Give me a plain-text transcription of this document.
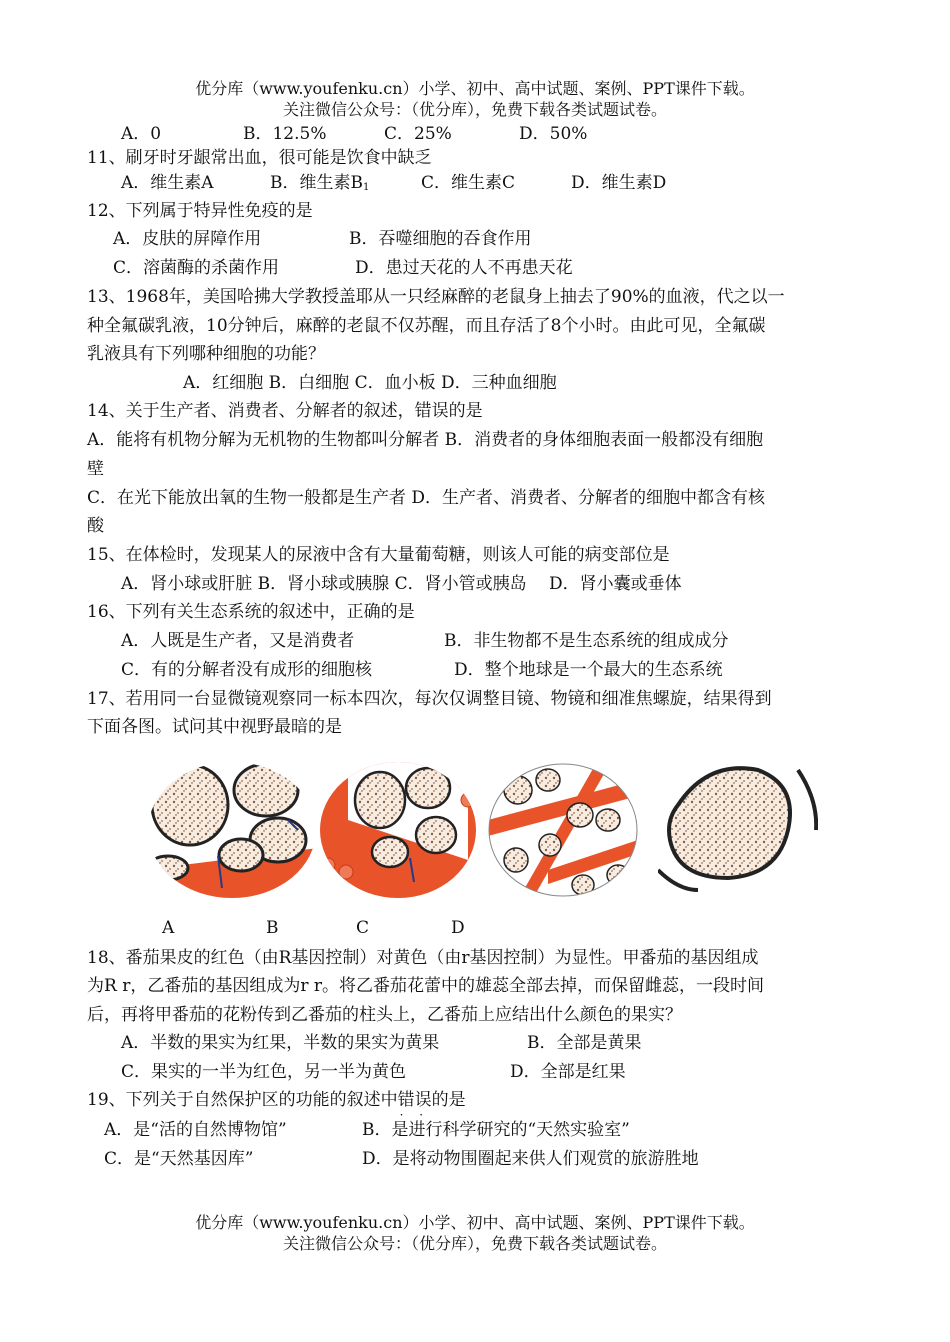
优分库（www.youfenku.cn）小学、初中、高中试题、案例、PPT课件下载。
关注微信公众号：（优分库），免费下载各类试题试卷。
A．0	B．12.5%	C．25%	D．50%
11、刷牙时牙龈常出血，很可能是饮食中缺乏
A．维生素A	B．维生素$B_1$	C．维生素C	D．维生素D
12、下列属于特异性免疫的是
A．皮肤的屏障作用	B．吞噬细胞的吞食作用
C．溶菌酶的杀菌作用	D．患过天花的人不再患天花
13、1968年，美国哈拂大学教授盖耶从一只经麻醉的老鼠身上抽去了90%的血液，代之以一
种全氟碳乳液，10分钟后，麻醉的老鼠不仅苏醒，而且存活了8个小时。由此可见，全氟碳
乳液具有下列哪种细胞的功能？
A．红细胞 B．白细胞 C．血小板 D．三种血细胞
14、关于生产者、消费者、分解者的叙述，错误的是
A．能将有机物分解为无机物的生物都叫分解者 B．消费者的身体细胞表面一般都没有细胞
壁
C．在光下能放出氧的生物一般都是生产者 D．生产者、消费者、分解者的细胞中都含有核
酸
15、在体检时，发现某人的尿液中含有大量葡萄糖，则该人可能的病变部位是
A．肾小球或肝脏 B．肾小球或胰腺 C．肾小管或胰岛　 D．肾小囊或垂体
16、下列有关生态系统的叙述中，正确的是
A．人既是生产者，又是消费者	B．非生物都不是生态系统的组成成分
C．有的分解者没有成形的细胞核	D．整个地球是一个最大的生态系统
17、若用同一台显微镜观察同一标本四次，每次仅调整目镜、物镜和细准焦螺旋，结果得到
下面各图。试问其中视野最暗的是
A	B	C	D
18、番茄果皮的红色（由R基因控制）对黄色（由r基因控制）为显性。甲番茄的基因组成
为R r，乙番茄的基因组成为r r。将乙番茄花蕾中的雄蕊全部去掉，而保留雌蕊，一段时间
后，再将甲番茄的花粉传到乙番茄的柱头上，乙番茄上应结出什么颜色的果实？
A．半数的果实为红果，半数的果实为黄果	B．全部是黄果
C．果实的一半为红色，另一半为黄色	D．全部是红果
19、下列关于自然保护区的功能的叙述中错误 · ·的是
A．是“活的自然博物馆”	B．是进行科学研究的“天然实验室”
C．是“天然基因库”	D．是将动物围圈起来供人们观赏的旅游胜地
优分库（www.youfenku.cn）小学、初中、高中试题、案例、PPT课件下载。
关注微信公众号：（优分库），免费下载各类试题试卷。
